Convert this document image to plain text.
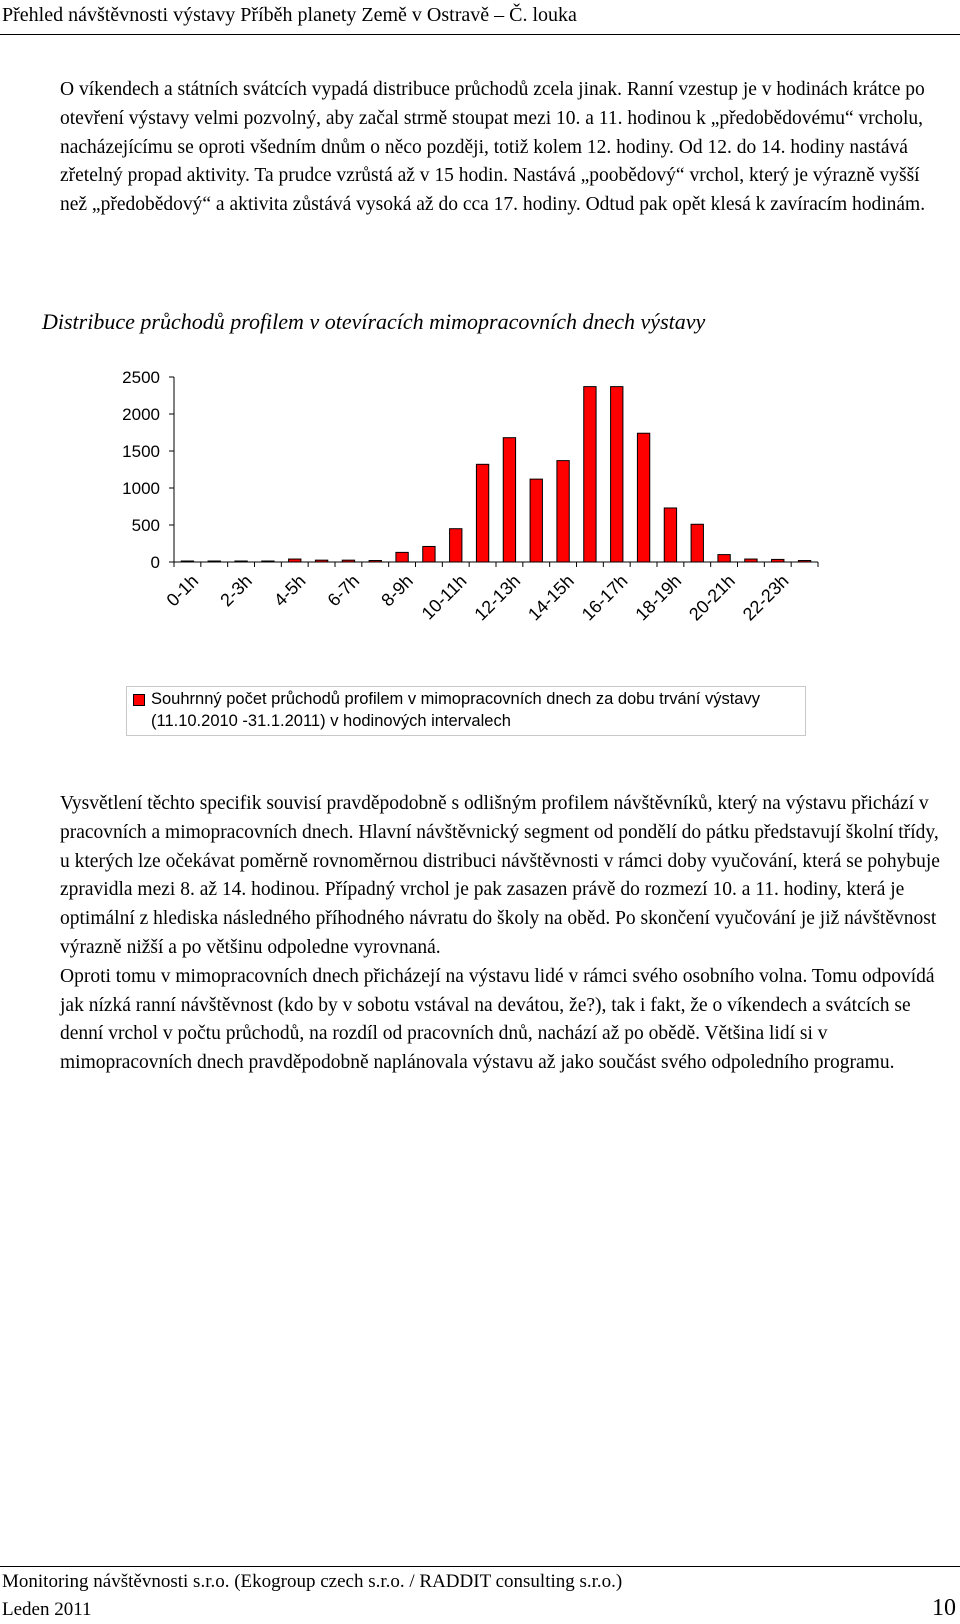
Přehled návštěvnosti výstavy Příběh planety Země v Ostravě – Č. louka

O víkendech a státních svátcích vypadá distribuce průchodů zcela jinak. Ranní vzestup je v hodinách krátce po otevření výstavy velmi pozvolný, aby začal strmě stoupat mezi 10. a 11. hodinou k „předobědovému“ vrcholu, nacházejícímu se oproti všedním dnům o něco později, totiž kolem 12. hodiny. Od 12. do 14. hodiny nastává zřetelný propad aktivity. Ta prudce vzrůstá až v 15 hodin. Nastává „poobědový“ vrchol, který je výrazně vyšší než „předobědový“ a aktivita zůstává vysoká až do cca 17. hodiny. Odtud pak opět klesá k zavíracím hodinám.

Distribuce průchodů profilem v otevíracích mimopracovních dnech výstavy

0
500
1000
1500
2000
2500
0-1h 2-3h 4-5h 6-7h 8-9h 10-11h 12-13h 14-15h 16-17h 18-19h 20-21h 22-23h
Souhrnný počet průchodů profilem v mimopracovních dnech za dobu trvání výstavy (11.10.2010 -31.1.2011) v hodinových intervalech

Vysvětlení těchto specifik souvisí pravděpodobně s odlišným profilem návštěvníků, který na výstavu přichází v pracovních a mimopracovních dnech. Hlavní návštěvnický segment od pondělí do pátku představují školní třídy, u kterých lze očekávat poměrně rovnoměrnou distribuci návštěvnosti v rámci doby vyučování, která se pohybuje zpravidla mezi 8. až 14. hodinou. Případný vrchol je pak zasazen právě do rozmezí 10. a 11. hodiny, která je optimální z hlediska následného příhodného návratu do školy na oběd. Po skončení vyučování je již návštěvnost výrazně nižší a po většinu odpoledne vyrovnaná.
Oproti tomu v mimopracovních dnech přicházejí na výstavu lidé v rámci svého osobního volna. Tomu odpovídá jak nízká ranní návštěvnost (kdo by v sobotu vstával na devátou, že?), tak i fakt, že o víkendech a svátcích se denní vrchol v počtu průchodů, na rozdíl od pracovních dnů, nachází až po obědě. Většina lidí si v mimopracovních dnech pravděpodobně naplánovala výstavu až jako součást svého odpoledního programu.

Monitoring návštěvnosti s.r.o. (Ekogroup czech s.r.o. / RADDIT consulting s.r.o.)
Leden 2011	10
